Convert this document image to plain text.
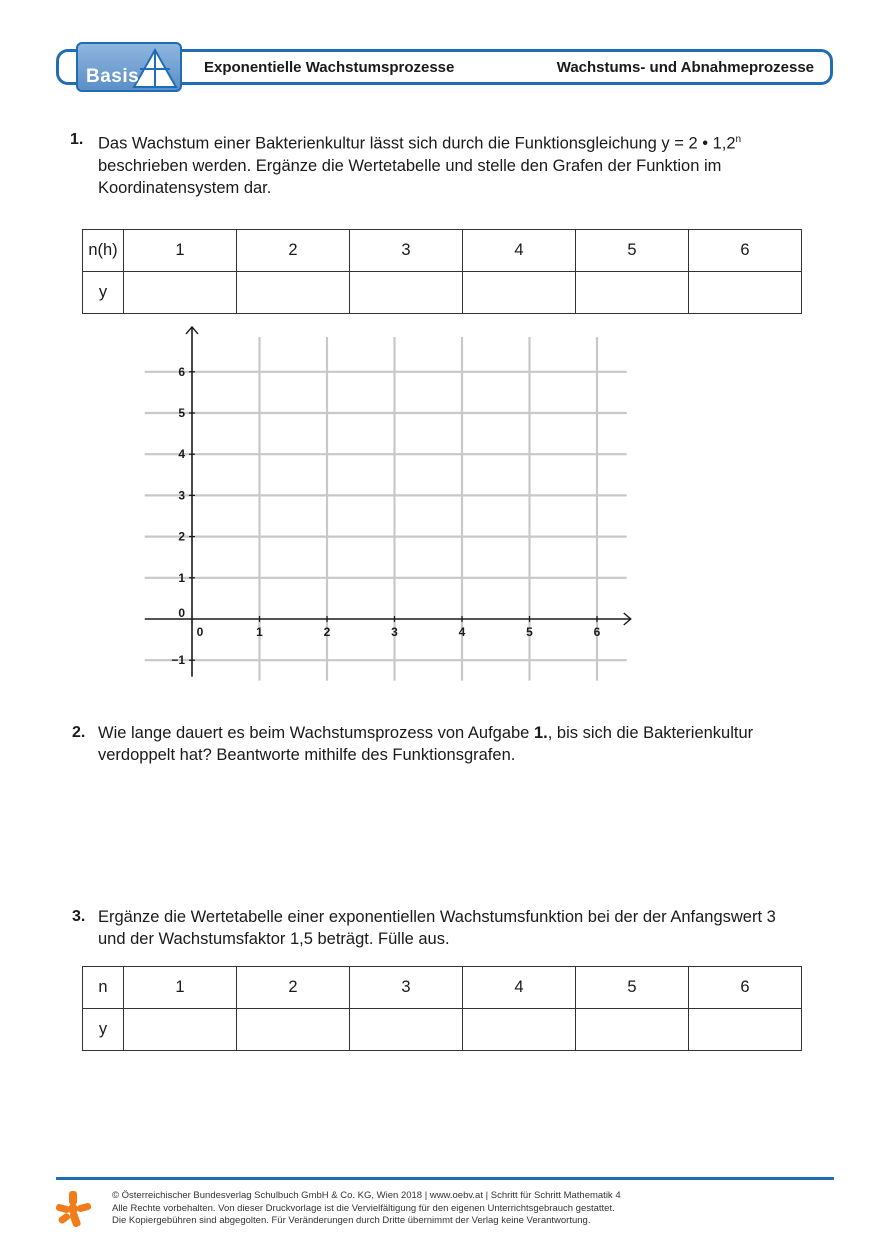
Basis	Exponentielle Wachstumsprozesse	Wachstums- und Abnahmeprozesse
1. Das Wachstum einer Bakterienkultur lässt sich durch die Funktionsgleichung y = 2 • 1,2$^n$
beschrieben werden. Ergänze die Wertetabelle und stelle den Grafen der Funktion im
Koordinatensystem dar.
n(h)	1	2	3	4	5	6
y						
0	1	2	3	4	5	6
−1
0
1
2
3
4
5
6
2. Wie lange dauert es beim Wachstumsprozess von Aufgabe 1., bis sich die Bakterienkultur
verdoppelt hat? Beantworte mithilfe des Funktionsgrafen.
3. Ergänze die Wertetabelle einer exponentiellen Wachstumsfunktion bei der der Anfangswert 3
und der Wachstumsfaktor 1,5 beträgt. Fülle aus.
n	1	2	3	4	5	6
y						
© Österreichischer Bundesverlag Schulbuch GmbH & Co. KG, Wien 2018 | www.oebv.at | Schritt für Schritt Mathematik 4
Alle Rechte vorbehalten. Von dieser Druckvorlage ist die Vervielfältigung für den eigenen Unterrichtsgebrauch gestattet.
Die Kopiergebühren sind abgegolten. Für Veränderungen durch Dritte übernimmt der Verlag keine Verantwortung.
